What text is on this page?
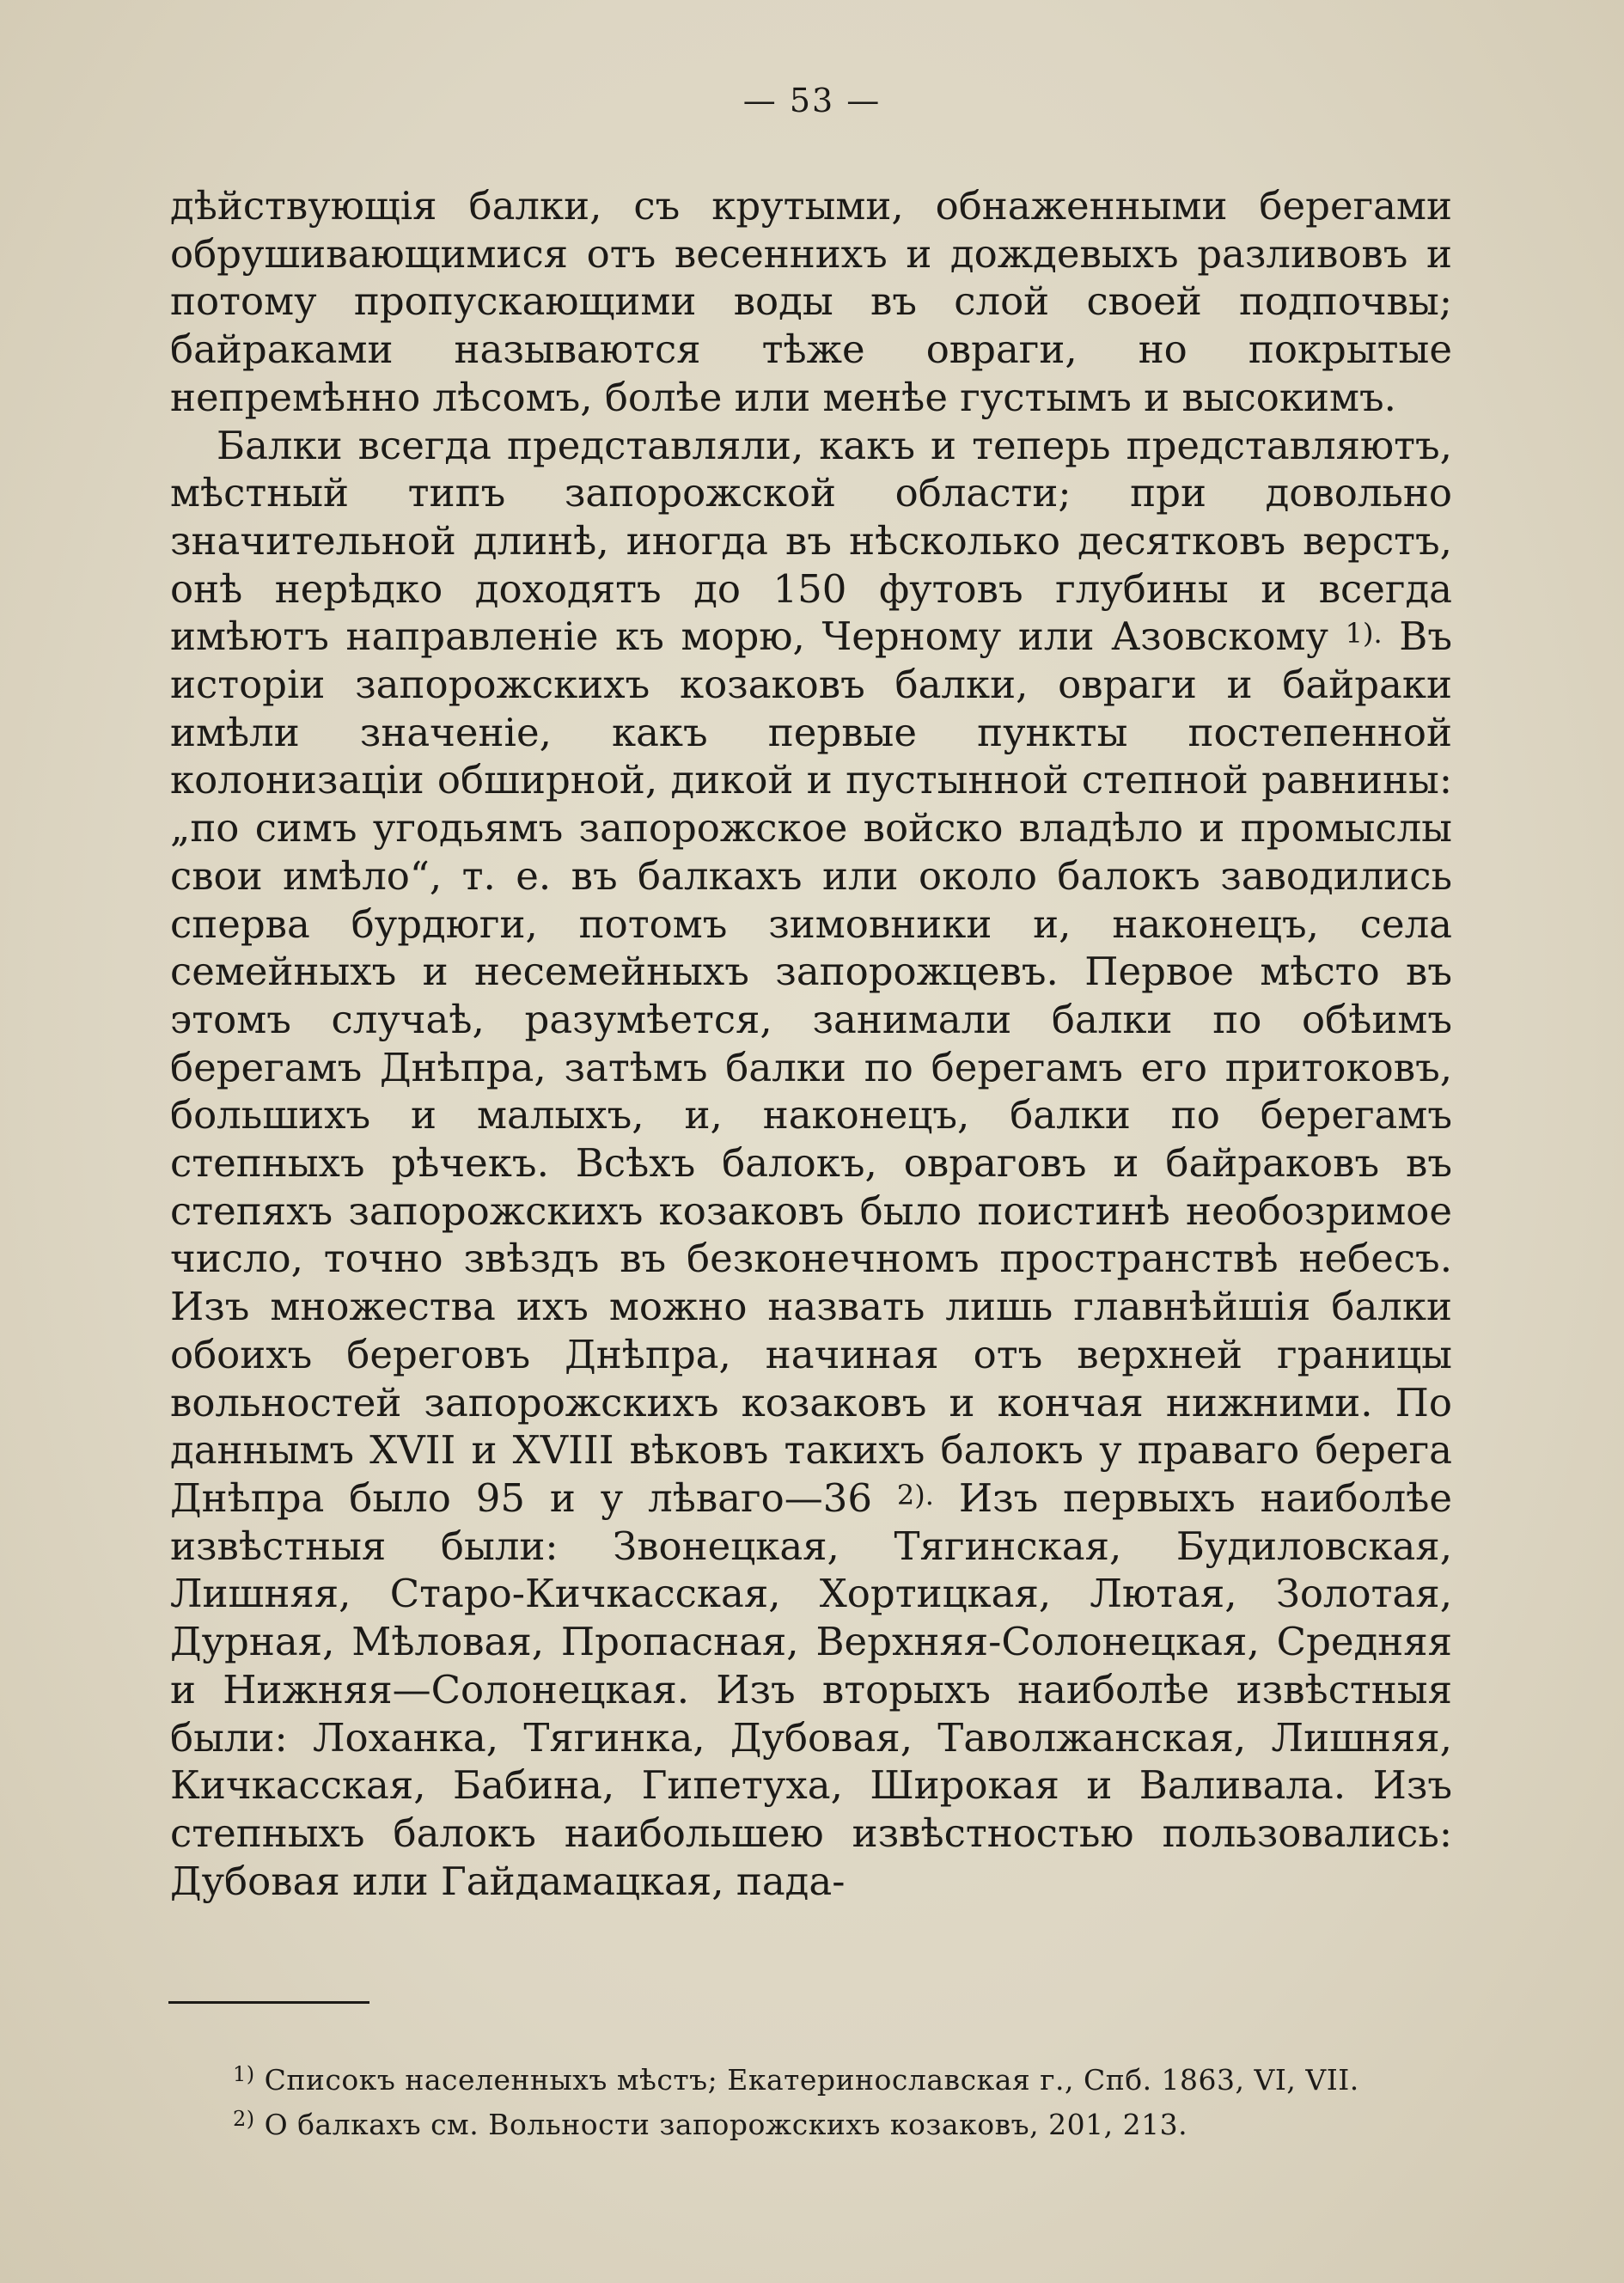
— 53 —

дѣйствующія балки, съ крутыми, обнаженными берегами обрушивающимися отъ весеннихъ и дождевыхъ разливовъ и потому пропускающими воды въ слой своей подпочвы; байраками называются тѣже овраги, но покрытые непремѣнно лѣсомъ, болѣе или менѣе густымъ и высокимъ.

Балки всегда представляли, какъ и теперь представляютъ, мѣстный типъ запорожской области; при довольно значительной длинѣ, иногда въ нѣсколько десятковъ верстъ, онѣ нерѣдко доходятъ до 150 футовъ глубины и всегда имѣютъ направленіе къ морю, Черному или Азовскому 1). Въ исторіи запорожскихъ козаковъ балки, овраги и байраки имѣли значеніе, какъ первые пункты постепенной колонизаціи обширной, дикой и пустынной степной равнины: „по симъ угодьямъ запорожское войско владѣло и промыслы свои имѣло“, т. е. въ балкахъ или около балокъ заводились сперва бурдюги, потомъ зимовники и, наконецъ, села семейныхъ и несемейныхъ запорожцевъ. Первое мѣсто въ этомъ случаѣ, разумѣется, занимали балки по обѣимъ берегамъ Днѣпра, затѣмъ балки по берегамъ его притоковъ, большихъ и малыхъ, и, наконецъ, балки по берегамъ степныхъ рѣчекъ. Всѣхъ балокъ, овраговъ и байраковъ въ степяхъ запорожскихъ козаковъ было поистинѣ необозримое число, точно звѣздъ въ безконечномъ пространствѣ небесъ. Изъ множества ихъ можно назвать лишь главнѣйшія балки обоихъ береговъ Днѣпра, начиная отъ верхней границы вольностей запорожскихъ козаковъ и кончая нижними. По даннымъ XVII и XVIII вѣковъ такихъ балокъ у праваго берега Днѣпра было 95 и у лѣваго—36 2). Изъ первыхъ наиболѣе извѣстныя были: Звонецкая, Тягинская, Будиловская, Лишняя, Старо-Кичкасская, Хортицкая, Лютая, Золотая, Дурная, Мѣловая, Пропасная, Верхняя-Солонецкая, Средняя и Нижняя—Солонецкая. Изъ вторыхъ наиболѣе извѣстныя были: Лоханка, Тягинка, Дубовая, Таволжанская, Лишняя, Кичкасская, Бабина, Гипетуха, Широкая и Валивала. Изъ степныхъ балокъ наибольшею извѣстностью пользовались: Дубовая или Гайдамацкая, пада-

$^{1)}$ Списокъ населенныхъ мѣстъ; Екатеринославская г., Спб. 1863, VI, VII.

$^{2)}$ О балкахъ см. Вольности запорожскихъ козаковъ, 201, 213.
